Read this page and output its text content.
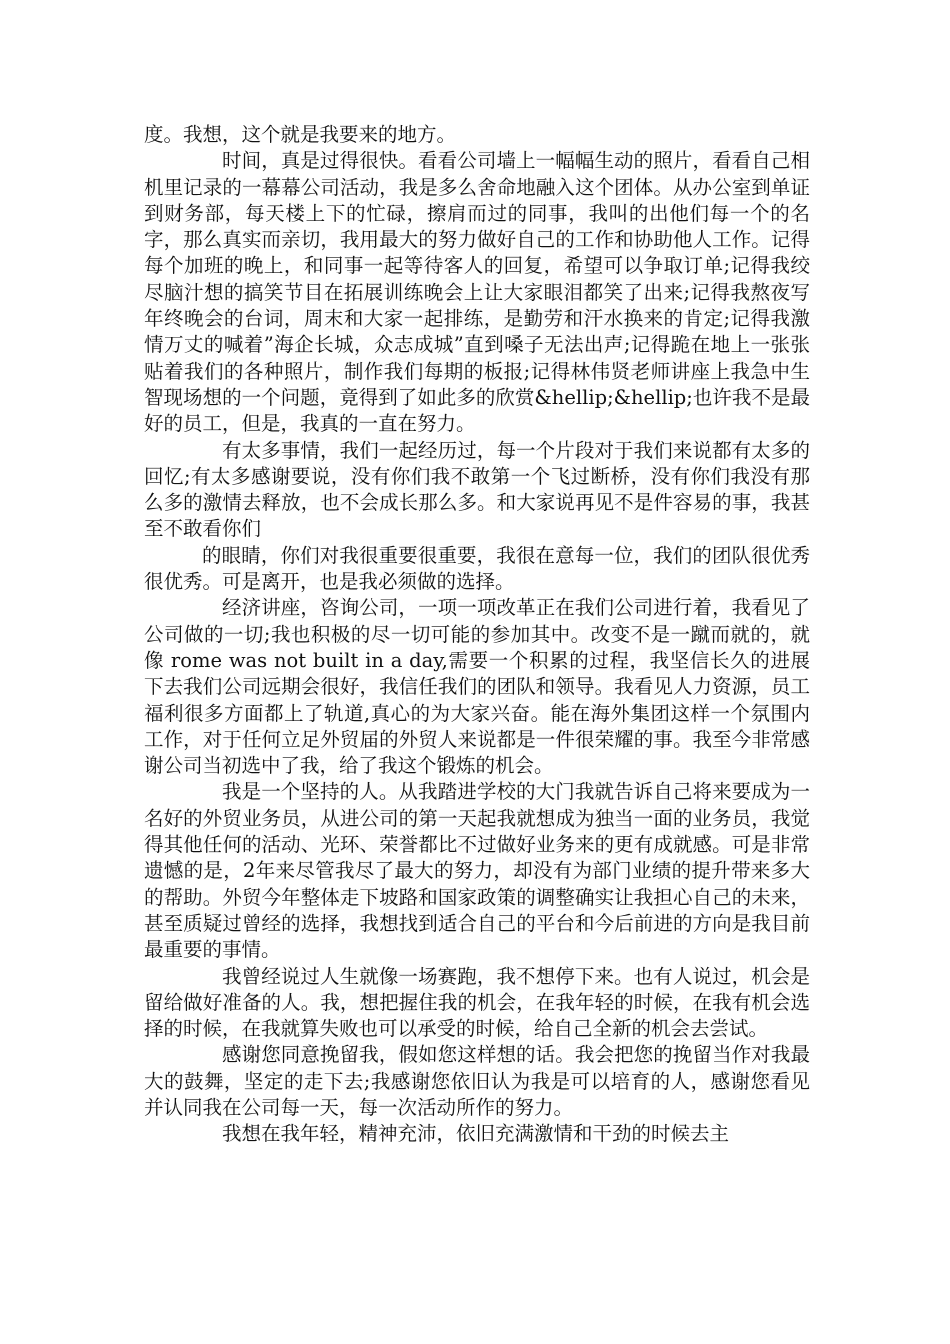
度。我想，这个就是我要来的地方。

时间，真是过得很快。看看公司墙上一幅幅生动的照片，看看自己相机里记录的一幕幕公司活动，我是多么舍命地融入这个团体。从办公室到单证到财务部，每天楼上下的忙碌，擦肩而过的同事，我叫的出他们每一个的名字，那么真实而亲切，我用最大的努力做好自己的工作和协助他人工作。记得每个加班的晚上，和同事一起等待客人的回复，希望可以争取订单;记得我绞尽脑汁想的搞笑节目在拓展训练晚会上让大家眼泪都笑了出来;记得我熬夜写年终晚会的台词，周末和大家一起排练，是勤劳和汗水换来的肯定;记得我激情万丈的喊着”海企长城，众志成城”直到嗓子无法出声;记得跪在地上一张张贴着我们的各种照片，制作我们每期的板报;记得林伟贤老师讲座上我急中生智现场想的一个问题，竟得到了如此多的欣赏&hellip;&hellip;也许我不是最好的员工，但是，我真的一直在努力。

有太多事情，我们一起经历过，每一个片段对于我们来说都有太多的回忆;有太多感谢要说，没有你们我不敢第一个飞过断桥，没有你们我没有那么多的激情去释放，也不会成长那么多。和大家说再见不是件容易的事，我甚至不敢看你们

的眼睛，你们对我很重要很重要，我很在意每一位，我们的团队很优秀很优秀。可是离开，也是我必须做的选择。

经济讲座，咨询公司，一项一项改革正在我们公司进行着，我看见了公司做的一切;我也积极的尽一切可能的参加其中。改变不是一蹴而就的，就像 rome was not built in a day,需要一个积累的过程，我坚信长久的进展下去我们公司远期会很好，我信任我们的团队和领导。我看见人力资源，员工福利很多方面都上了轨道,真心的为大家兴奋。能在海外集团这样一个氛围内工作，对于任何立足外贸届的外贸人来说都是一件很荣耀的事。我至今非常感谢公司当初选中了我，给了我这个锻炼的机会。

我是一个坚持的人。从我踏进学校的大门我就告诉自己将来要成为一名好的外贸业务员，从进公司的第一天起我就想成为独当一面的业务员，我觉得其他任何的活动、光环、荣誉都比不过做好业务来的更有成就感。可是非常遗憾的是，2年来尽管我尽了最大的努力，却没有为部门业绩的提升带来多大的帮助。外贸今年整体走下坡路和国家政策的调整确实让我担心自己的未来，甚至质疑过曾经的选择，我想找到适合自己的平台和今后前进的方向是我目前最重要的事情。

我曾经说过人生就像一场赛跑，我不想停下来。也有人说过，机会是留给做好准备的人。我，想把握住我的机会，在我年轻的时候，在我有机会选择的时候，在我就算失败也可以承受的时候，给自己全新的机会去尝试。

感谢您同意挽留我，假如您这样想的话。我会把您的挽留当作对我最大的鼓舞，坚定的走下去;我感谢您依旧认为我是可以培育的人，感谢您看见并认同我在公司每一天，每一次活动所作的努力。

我想在我年轻，精神充沛，依旧充满激情和干劲的时候去主
